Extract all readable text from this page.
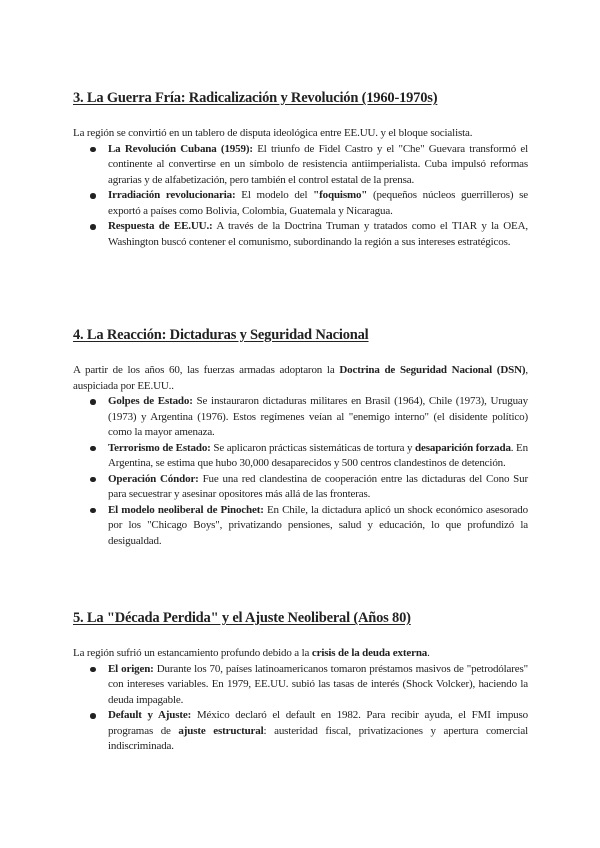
3. La Guerra Fría: Radicalización y Revolución (1960-1970s)

La región se convirtió en un tablero de disputa ideológica entre EE.UU. y el bloque socialista.

La Revolución Cubana (1959): El triunfo de Fidel Castro y el "Che" Guevara transformó el continente al convertirse en un símbolo de resistencia antiimperialista. Cuba impulsó reformas agrarias y de alfabetización, pero también el control estatal de la prensa.
Irradiación revolucionaria: El modelo del "foquismo" (pequeños núcleos guerrilleros) se exportó a países como Bolivia, Colombia, Guatemala y Nicaragua.
Respuesta de EE.UU.: A través de la Doctrina Truman y tratados como el TIAR y la OEA, Washington buscó contener el comunismo, subordinando la región a sus intereses estratégicos.
4. La Reacción: Dictaduras y Seguridad Nacional

A partir de los años 60, las fuerzas armadas adoptaron la Doctrina de Seguridad Nacional (DSN), auspiciada por EE.UU..

Golpes de Estado: Se instauraron dictaduras militares en Brasil (1964), Chile (1973), Uruguay (1973) y Argentina (1976). Estos regímenes veían al "enemigo interno" (el disidente político) como la mayor amenaza.
Terrorismo de Estado: Se aplicaron prácticas sistemáticas de tortura y desaparición forzada. En Argentina, se estima que hubo 30,000 desaparecidos y 500 centros clandestinos de detención.
Operación Cóndor: Fue una red clandestina de cooperación entre las dictaduras del Cono Sur para secuestrar y asesinar opositores más allá de las fronteras.
El modelo neoliberal de Pinochet: En Chile, la dictadura aplicó un shock económico asesorado por los "Chicago Boys", privatizando pensiones, salud y educación, lo que profundizó la desigualdad.
5. La "Década Perdida" y el Ajuste Neoliberal (Años 80)

La región sufrió un estancamiento profundo debido a la crisis de la deuda externa.

El origen: Durante los 70, países latinoamericanos tomaron préstamos masivos de "petrodólares" con intereses variables. En 1979, EE.UU. subió las tasas de interés (Shock Volcker), haciendo la deuda impagable.
Default y Ajuste: México declaró el default en 1982. Para recibir ayuda, el FMI impuso programas de ajuste estructural: austeridad fiscal, privatizaciones y apertura comercial indiscriminada.
